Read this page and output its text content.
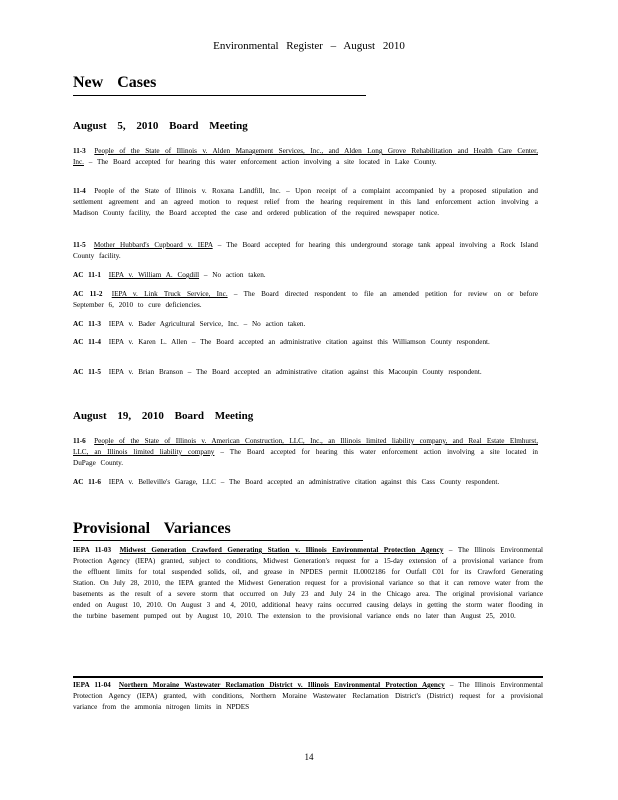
Environmental Register – August 2010
New Cases
August 5, 2010 Board Meeting
11-3 People of the State of Illinois v. Alden Management Services, Inc., and Alden Long Grove Rehabilitation and Health Care Center, Inc. – The Board accepted for hearing this water enforcement action involving a site located in Lake County.
11-4 People of the State of Illinois v. Roxana Landfill, Inc. – Upon receipt of a complaint accompanied by a proposed stipulation and settlement agreement and an agreed motion to request relief from the hearing requirement in this land enforcement action involving a Madison County facility, the Board accepted the case and ordered publication of the required newspaper notice.
11-5 Mother Hubbard's Cupboard v. IEPA – The Board accepted for hearing this underground storage tank appeal involving a Rock Island County facility.
AC 11-1 IEPA v. William A. Cogdill – No action taken.
AC 11-2 IEPA v. Link Truck Service, Inc. – The Board directed respondent to file an amended petition for review on or before September 6, 2010 to cure deficiencies.
AC 11-3 IEPA v. Bader Agricultural Service, Inc. – No action taken.
AC 11-4 IEPA v. Karen L. Allen – The Board accepted an administrative citation against this Williamson County respondent.
AC 11-5 IEPA v. Brian Branson – The Board accepted an administrative citation against this Macoupin County respondent.
August 19, 2010 Board Meeting
11-6 People of the State of Illinois v. American Construction, LLC, Inc., an Illinois limited liability company, and Real Estate Elmhurst, LLC, an Illinois limited liability company – The Board accepted for hearing this water enforcement action involving a site located in DuPage County.
AC 11-6 IEPA v. Belleville's Garage, LLC – The Board accepted an administrative citation against this Cass County respondent.
Provisional Variances
IEPA 11-03 Midwest Generation Crawford Generating Station v. Illinois Environmental Protection Agency – The Illinois Environmental Protection Agency (IEPA) granted, subject to conditions, Midwest Generation's request for a 15-day extension of a provisional variance from the effluent limits for total suspended solids, oil, and grease in NPDES permit IL0002186 for Outfall C01 for its Crawford Generating Station. On July 28, 2010, the IEPA granted the Midwest Generation request for a provisional variance so that it can remove water from the basements as the result of a severe storm that occurred on July 23 and July 24 in the Chicago area. The original provisional variance ended on August 10, 2010. On August 3 and 4, 2010, additional heavy rains occurred causing delays in getting the storm water flooding in the turbine basement pumped out by August 10, 2010. The extension to the provisional variance ends no later than August 25, 2010.
IEPA 11-04 Northern Moraine Wastewater Reclamation District v. Illinois Environmental Protection Agency – The Illinois Environmental Protection Agency (IEPA) granted, with conditions, Northern Moraine Wastewater Reclamation District's (District) request for a provisional variance from the ammonia nitrogen limits in NPDES
14
